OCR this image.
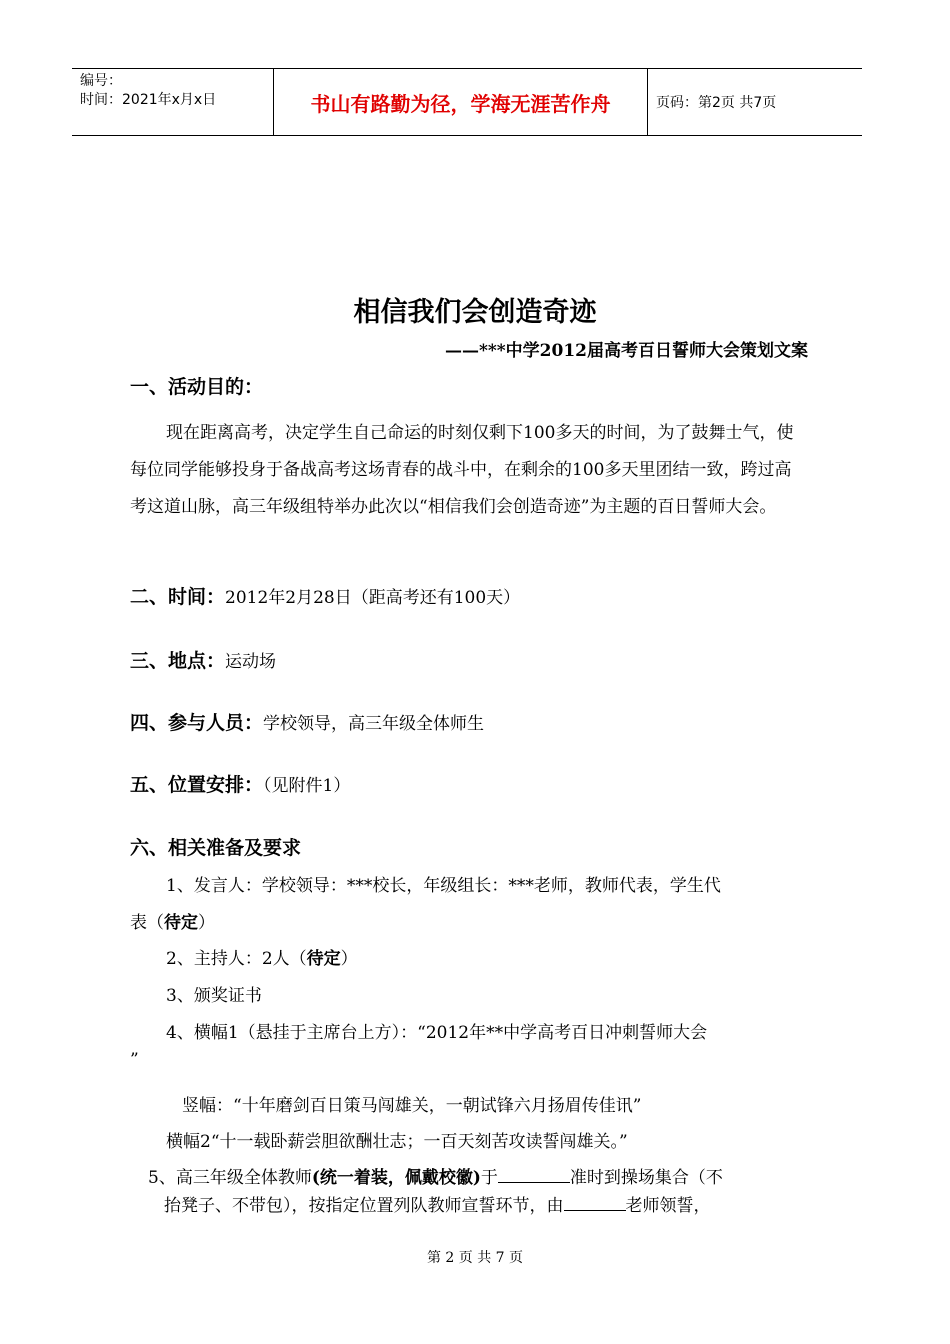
编号：
时间：2021年x月x日	书山有路勤为径，学海无涯苦作舟	页码：第2页 共7页
相信我们会创造奇迹
——***中学2012届高考百日誓师大会策划文案
一、活动目的：
现在距离高考，决定学生自己命运的时刻仅剩下100多天的时间，为了鼓舞士气，使每位同学能够投身于备战高考这场青春的战斗中，在剩余的100多天里团结一致，跨过高考这道山脉，高三年级组特举办此次以“相信我们会创造奇迹”为主题的百日誓师大会。
二、时间：2012年2月28日（距高考还有100天）
三、地点：运动场
四、参与人员：学校领导，高三年级全体师生
五、位置安排：（见附件1）
六、相关准备及要求
1、发言人：学校领导：***校长，年级组长：***老师，教师代表，学生代
表（待定）
2、主持人：2人（待定）
3、颁奖证书
4、横幅1（悬挂于主席台上方）：“2012年**中学高考百日冲刺誓师大会
”
竖幅：“十年磨剑百日策马闯雄关，一朝试锋六月扬眉传佳讯”
横幅2“十一载卧薪尝胆欲酬壮志；一百天刻苦攻读誓闯雄关。”
5、高三年级全体教师(统一着装，佩戴校徽)于	准时到操场集合（不
抬凳子、不带包），按指定位置列队教师宣誓环节，由	老师领誓，
第 2 页 共 7 页
